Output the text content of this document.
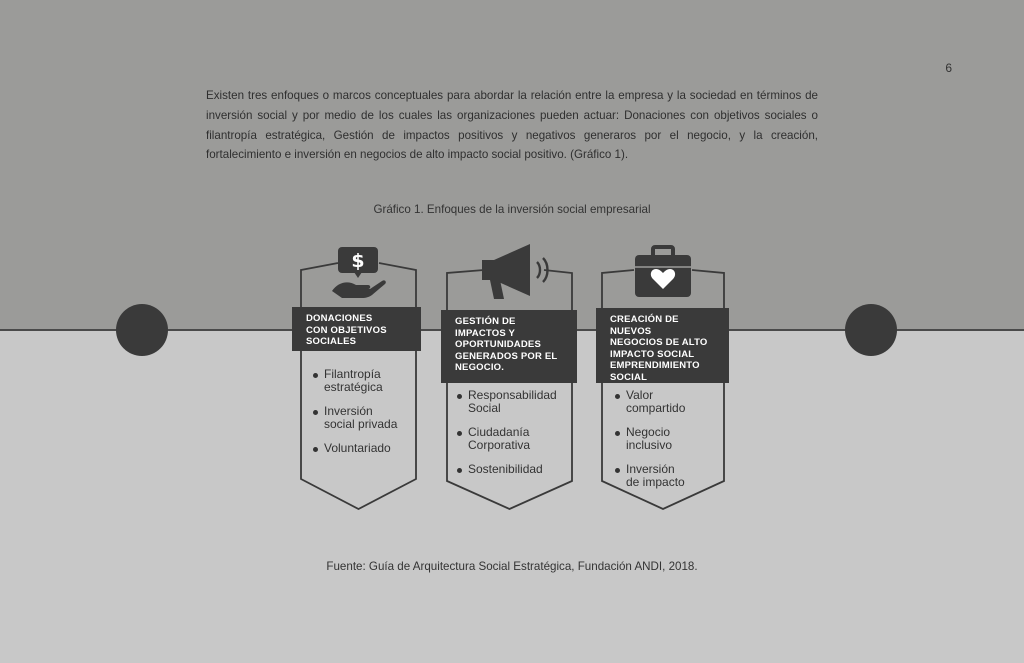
6

Existen tres enfoques o marcos conceptuales para abordar la relación entre la empresa y la sociedad en términos de inversión social y por medio de los cuales las organizaciones pueden actuar: Donaciones con objetivos sociales o filantropía estratégica, Gestión de impactos positivos y negativos generaros por el negocio, y la creación, fortalecimiento e inversión en negocios de alto impacto social positivo. (Gráfico 1).

Gráfico 1. Enfoques de la inversión social empresarial

$
DONACIONES
CON OBJETIVOS
SOCIALES
Filantropía
estratégica
Inversión
social privada
Voluntariado
GESTIÓN DE
IMPACTOS Y
OPORTUNIDADES
GENERADOS POR EL
NEGOCIO.
Responsabilidad
Social
Ciudadanía
Corporativa
Sostenibilidad
CREACIÓN DE NUEVOS
NEGOCIOS DE ALTO
IMPACTO SOCIAL
EMPRENDIMIENTO
SOCIAL
Valor
compartido
Negocio
inclusivo
Inversión
de impacto

Fuente: Guía de Arquitectura Social Estratégica, Fundación ANDI, 2018.
